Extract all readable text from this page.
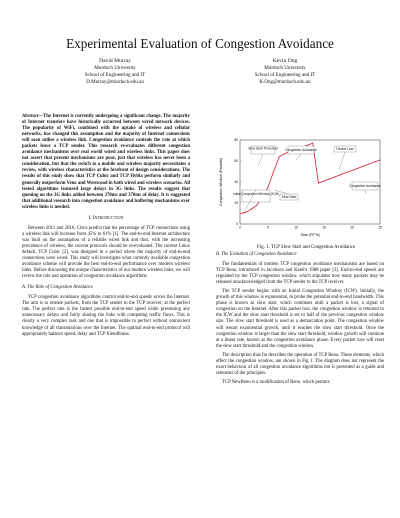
Experimental Evaluation of Congestion Avoidance
David Murray
Murdoch University
School of Engineering and IT
D.Murray@murdoch.edu.au
Kevin Ong
Murdoch University
School of Engineering and IT
K.Ong@murdoch.edu.au

Abstract—The Internet is currently undergoing a significant change. The majority of Internet transfers have historically occurred between wired network devices. The popularity of WiFi, combined with the uptake of wireless and cellular networks, has changed this assumption and the majority of Internet connections will soon utilise a wireless link. Congestion avoidance controls the rate at which packets leave a TCP sender. This research re-evaluates different congestion avoidance mechanisms over real world wired and wireless links. This paper does not assert that present mechanisms are poor, just that wireless has never been a consideration, but that the switch to a mobile and wireless majority necessitates a review, with wireless characteristics at the forefront of design considerations. The results of this study show that TCP Cubic and TCP Hybla perform similarly and generally outperform Veno and Westwood in both wired and wireless scenarios. All tested algorithms featured large delays in 3G links. The results suggest that queuing on the 3G links added between 370ms and 370ms of delay. It is suggested that additional research into congestion avoidance and buffering mechanisms over wireless links is needed.

I. Introduction

Between 2011 and 2016, Cisco predict that the percentage of TCP connections using a wireless link will increase from 45% to 61% [1]. The end-to-end Internet architecture was built on the assumption of a reliable wired link and thus, with the increasing prevalence of wireless, the current protocols should be re-evaluated. The current Linux default, TCP Cubic [2], was designed in a period where the majority of end-to-end connections were wired. This study will investigate what currently available congestion avoidance scheme will provide the best end-to-end performance over modern wireless links. Before discussing the unique characteristics of our modern wireless links, we will review the role and operation of congestion avoidance algorithms.

A. The Role of Congestion Avoidance

TCP congestion avoidance algorithms control end-to-end speeds across the Internet. The aim is to release packets, from the TCP sender to the TCP receiver, at the perfect rate. The perfect rate is the fastest possible end-to-end speed while preventing any unnecessary delays and fairly sharing the links with competing traffic flows. This is clearly a very complex task and one that is impossible to perfect without omniscient knowledge of all transmissions over the Internet. The optimal end-to-end protocol will appropriately balance speed, delay and TCP friendliness.

80
60
40
20
0
0	5	10	15	20	25
Congestion Window (Packets)
Time (RTTs)
Slow Start Threshold Congestion Avoidance	Packet Loss
Initial Congestion Window (ICW)
Slow Start
Congestion Avoidance
Fig. 1: TCP Slow Start and Congestion Avoidance
B. The Evolution of Congestion Avoidance

The fundamentals of modern TCP congestion avoidance mechanisms are based on TCP Reno, introduced in Jacobson and Karel's 1988 paper [3]. End-to-end speeds are regulated by the TCP congestion window, which stipulates how many packets may be released unacknowledged from the TCP sender to the TCP receiver.

The TCP sender begins with an Initial Congestion Window (ICW). Initially, the growth of this window is exponential, to probe the potential end-to-end bandwidth. This phase is known as slow start, which continues until a packet is lost, a signal of congestion on the Internet. After this packet loss, the congestion window is returned to the ICW and the slow start threshold is set to half of the previous congestion window size. The slow start threshold is used as a demarcation point. The congestion window will restart exponential growth, until it reaches the slow start threshold. Once the congestion window is larger than the slow start threshold, window growth will continue at a linear rate, known as the congestion avoidance phase. Every packet loss will reset the slow start threshold and the congestion window.

The description thus far describes the operation of TCP Reno. These elements, which effect the congestion window, are shown in Fig 1. The diagram does not represent the exact behaviour of all congestion avoidance algorithms but is presented as a guide and reminder of the principles.

TCP NewReno is a modification of Reno, which permits
